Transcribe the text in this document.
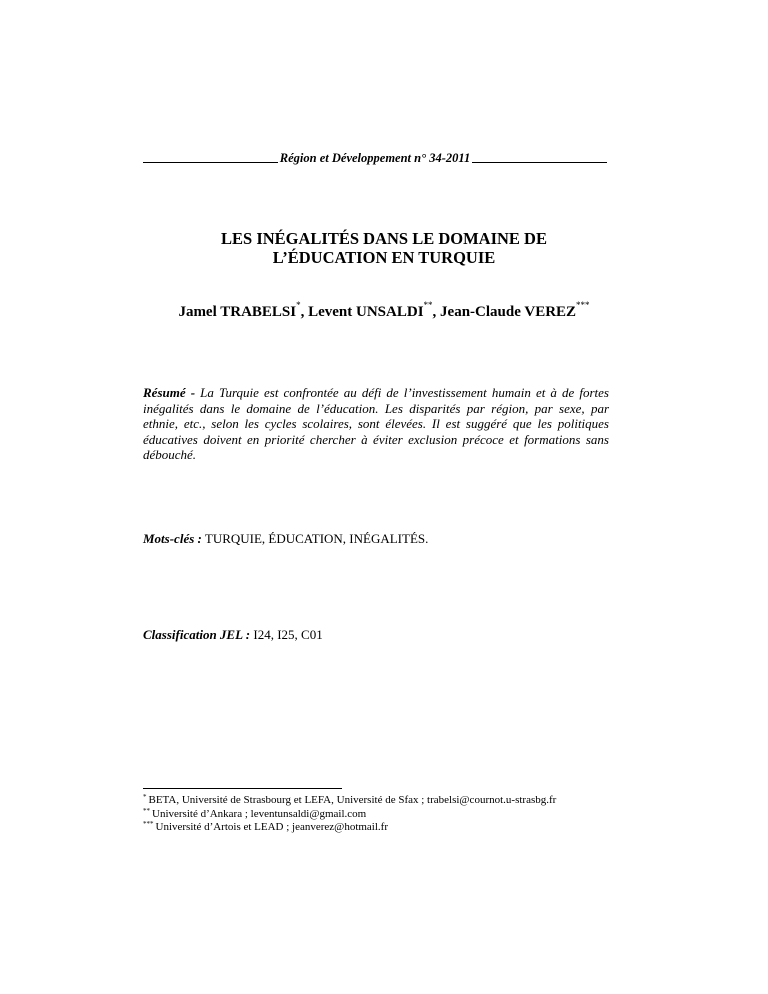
Région et Développement n° 34-2011
LES INÉGALITÉS DANS LE DOMAINE DE
L’ÉDUCATION EN TURQUIE
Jamel TRABELSI*, Levent UNSALDI**, Jean-Claude VEREZ***
Résumé - La Turquie est confrontée au défi de l’investissement humain et à de fortes inégalités dans le domaine de l’éducation. Les disparités par région, par sexe, par ethnie, etc., selon les cycles scolaires, sont élevées. Il est suggéré que les politiques éducatives doivent en priorité chercher à éviter exclusion précoce et formations sans débouché.
Mots-clés : TURQUIE, ÉDUCATION, INÉGALITÉS.
Classification JEL : I24, I25, C01
* BETA, Université de Strasbourg et LEFA, Université de Sfax ; trabelsi@cournot.u-strasbg.fr
** Université d’Ankara ; leventunsaldi@gmail.com
*** Université d’Artois et LEAD ; jeanverez@hotmail.fr
